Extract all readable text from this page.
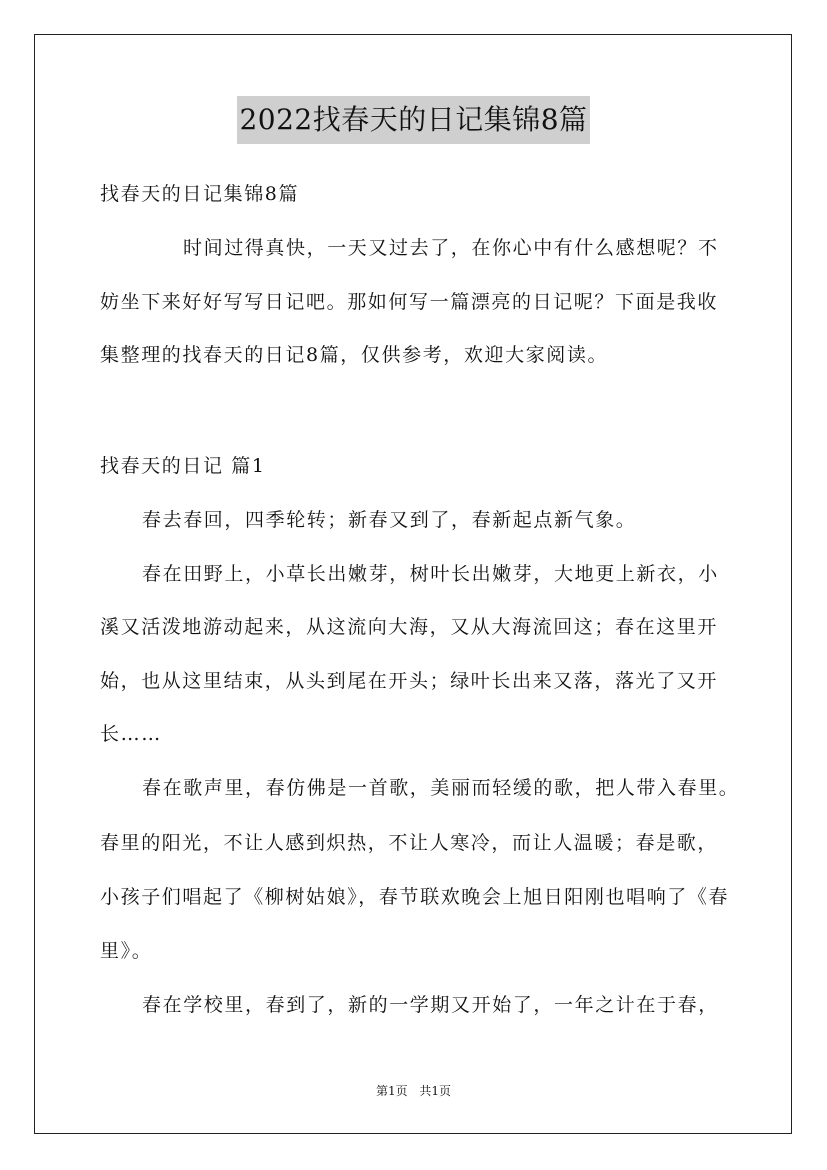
2022找春天的日记集锦8篇
找春天的日记集锦8篇
时间过得真快，一天又过去了，在你心中有什么感想呢？不
妨坐下来好好写写日记吧。那如何写一篇漂亮的日记呢？下面是我收
集整理的找春天的日记8篇，仅供参考，欢迎大家阅读。
找春天的日记 篇1
春去春回，四季轮转；新春又到了，春新起点新气象。
春在田野上，小草长出嫩芽，树叶长出嫩芽，大地更上新衣，小
溪又活泼地游动起来，从这流向大海，又从大海流回这；春在这里开
始，也从这里结束，从头到尾在开头；绿叶长出来又落，落光了又开
长……
春在歌声里，春仿佛是一首歌，美丽而轻缓的歌，把人带入春里。
春里的阳光，不让人感到炽热，不让人寒冷，而让人温暖；春是歌，
小孩子们唱起了《柳树姑娘》，春节联欢晚会上旭日阳刚也唱响了《春
里》。
春在学校里，春到了，新的一学期又开始了，一年之计在于春，
第1页 共1页
